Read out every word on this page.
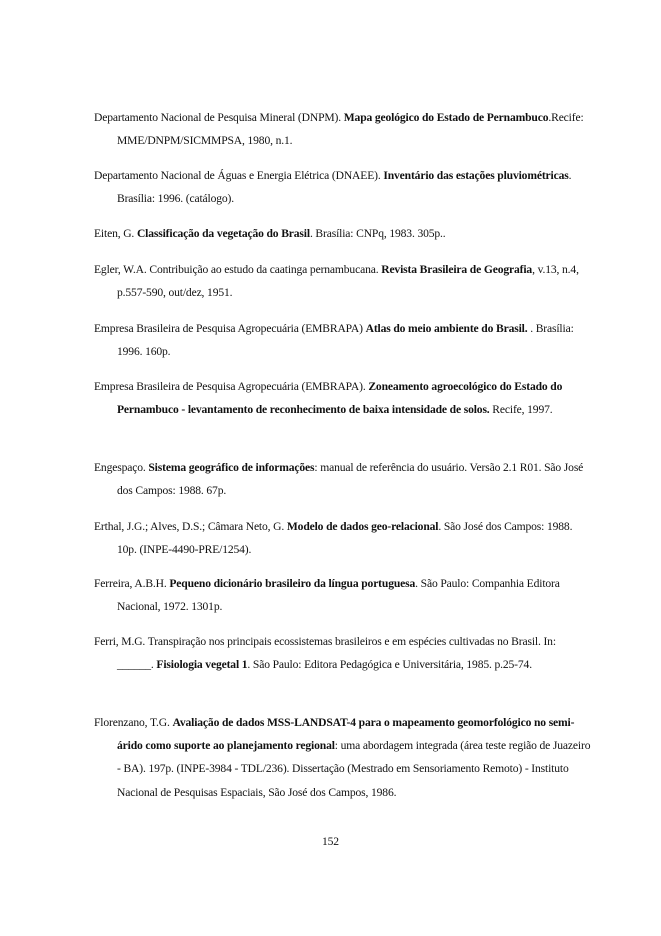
Departamento Nacional de Pesquisa Mineral (DNPM). Mapa geológico do Estado de Pernambuco.Recife: MME/DNPM/SICMMPSA, 1980, n.1.
Departamento Nacional de Águas e Energia Elétrica (DNAEE). Inventário das estações pluviométricas. Brasília: 1996. (catálogo).
Eiten, G. Classificação da vegetação do Brasil. Brasília: CNPq, 1983. 305p..
Egler, W.A. Contribuição ao estudo da caatinga pernambucana. Revista Brasileira de Geografia, v.13, n.4, p.557-590, out/dez, 1951.
Empresa Brasileira de Pesquisa Agropecuária (EMBRAPA) Atlas do meio ambiente do Brasil. . Brasília: 1996. 160p.
Empresa Brasileira de Pesquisa Agropecuária (EMBRAPA). Zoneamento agroecológico do Estado do Pernambuco - levantamento de reconhecimento de baixa intensidade de solos. Recife, 1997.
Engespaço. Sistema geográfico de informações: manual de referência do usuário. Versão 2.1 R01. São José dos Campos: 1988. 67p.
Erthal, J.G.; Alves, D.S.; Câmara Neto, G. Modelo de dados geo-relacional. São José dos Campos: 1988. 10p. (INPE-4490-PRE/1254).
Ferreira, A.B.H. Pequeno dicionário brasileiro da língua portuguesa. São Paulo: Companhia Editora Nacional, 1972. 1301p.
Ferri, M.G. Transpiração nos principais ecossistemas brasileiros e em espécies cultivadas no Brasil. In: ______. Fisiologia vegetal 1. São Paulo: Editora Pedagógica e Universitária, 1985. p.25-74.
Florenzano, T.G. Avaliação de dados MSS-LANDSAT-4 para o mapeamento geomorfológico no semi-árido como suporte ao planejamento regional: uma abordagem integrada (área teste região de Juazeiro - BA). 197p. (INPE-3984 - TDL/236). Dissertação (Mestrado em Sensoriamento Remoto) - Instituto Nacional de Pesquisas Espaciais, São José dos Campos, 1986.
152
